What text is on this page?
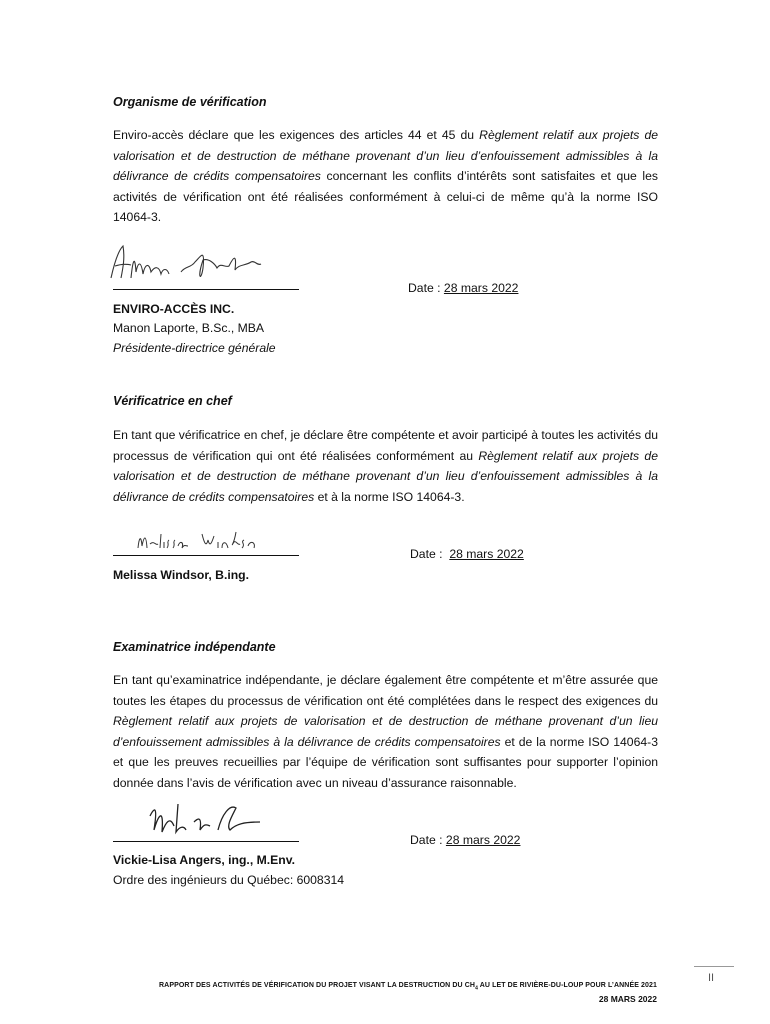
Organisme de vérification
Enviro-accès déclare que les exigences des articles 44 et 45 du Règlement relatif aux projets de valorisation et de destruction de méthane provenant d’un lieu d’enfouissement admissibles à la délivrance de crédits compensatoires concernant les conflits d’intérêts sont satisfaites et que les activités de vérification ont été réalisées conformément à celui-ci de même qu’à la norme ISO 14064-3.
Date : 28 mars 2022
ENVIRO-ACCÈS INC.
Manon Laporte, B.Sc., MBA
Présidente-directrice générale
Vérificatrice en chef
En tant que vérificatrice en chef, je déclare être compétente et avoir participé à toutes les activités du processus de vérification qui ont été réalisées conformément au Règlement relatif aux projets de valorisation et de destruction de méthane provenant d’un lieu d’enfouissement admissibles à la délivrance de crédits compensatoires et à la norme ISO 14064-3.
Date : 28 mars 2022
Melissa Windsor, B.ing.
Examinatrice indépendante
En tant qu’examinatrice indépendante, je déclare également être compétente et m’être assurée que toutes les étapes du processus de vérification ont été complétées dans le respect des exigences du Règlement relatif aux projets de valorisation et de destruction de méthane provenant d’un lieu d’enfouissement admissibles à la délivrance de crédits compensatoires et de la norme ISO 14064-3 et que les preuves recueillies par l’équipe de vérification sont suffisantes pour supporter l’opinion donnée dans l’avis de vérification avec un niveau d’assurance raisonnable.
Date : 28 mars 2022
Vickie-Lisa Angers, ing., M.Env.
Ordre des ingénieurs du Québec: 6008314
II
RAPPORT DES ACTIVITÉS DE VÉRIFICATION DU PROJET VISANT LA DESTRUCTION DU $CH_4$ AU LET DE RIVIÈRE-DU-LOUP POUR L’ANNÉE 2021
28 MARS 2022
